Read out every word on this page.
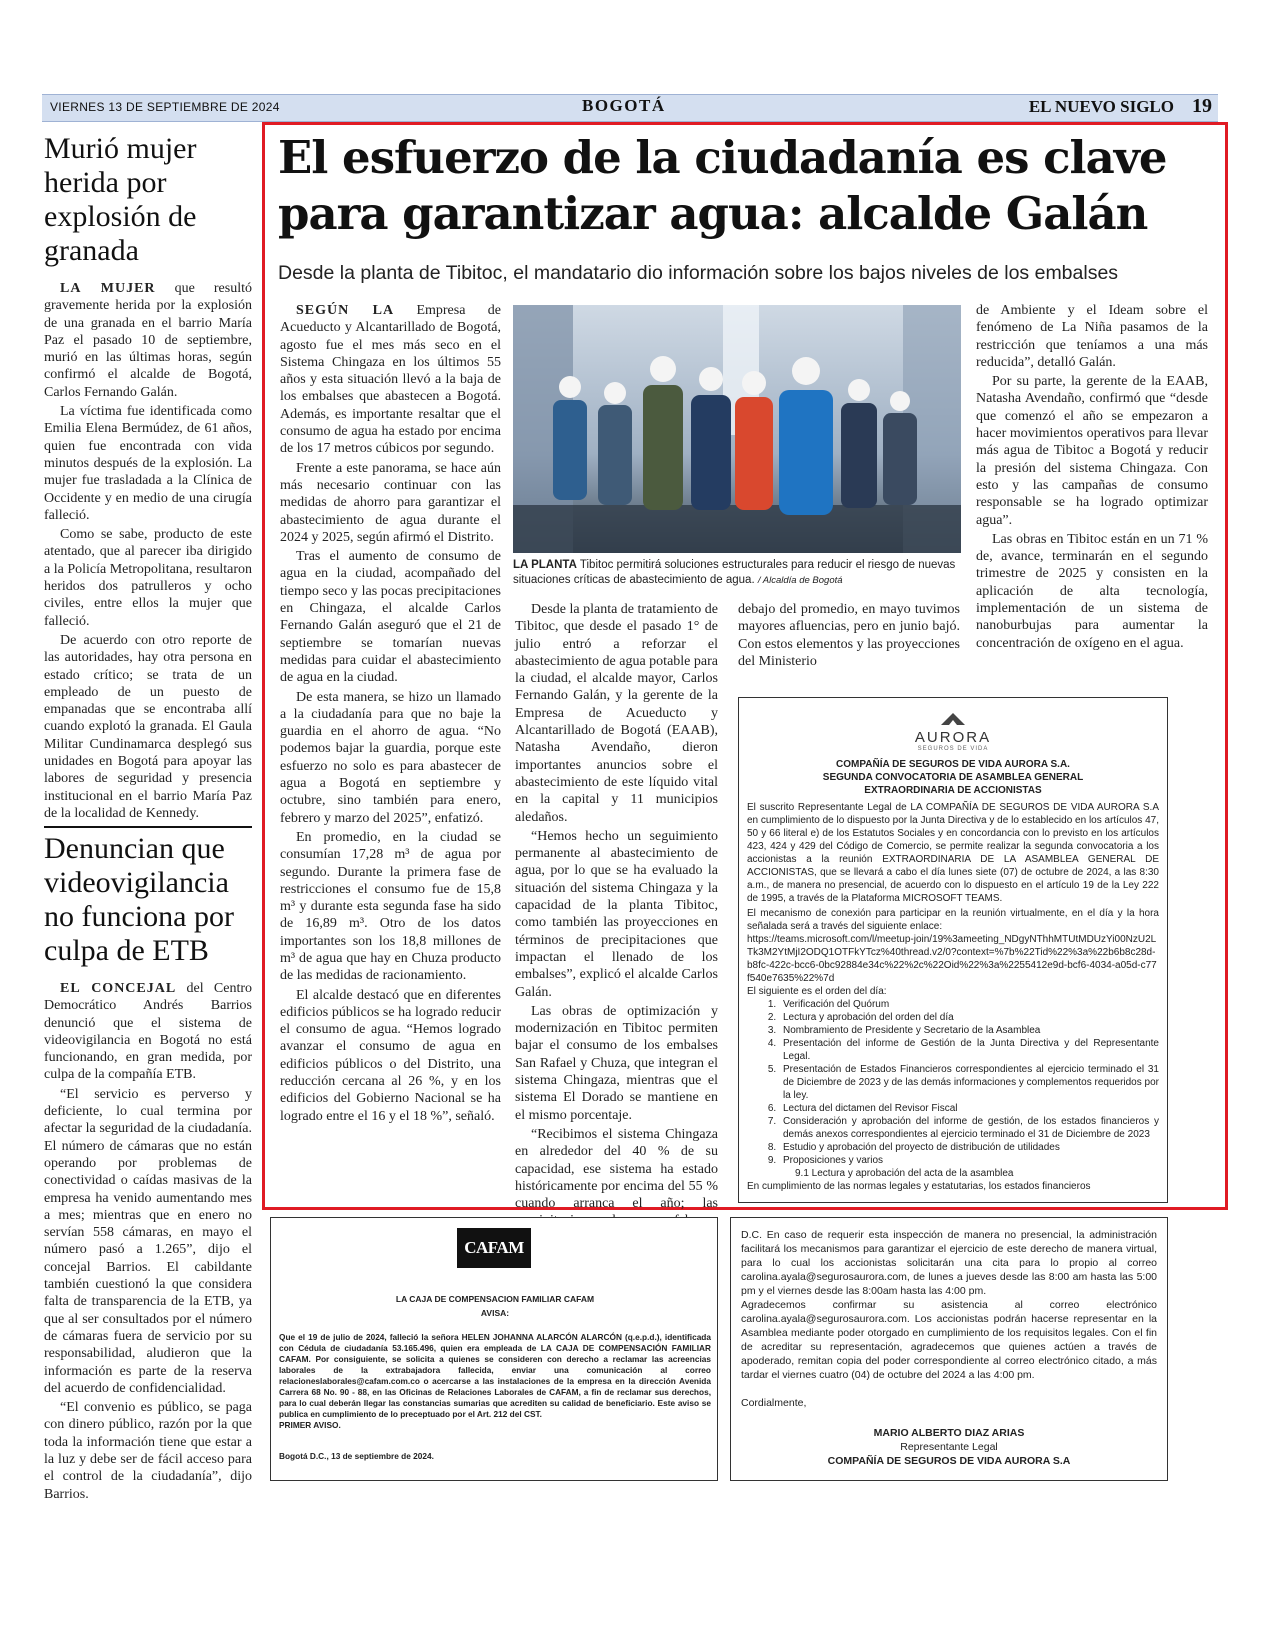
VIERNES 13 DE SEPTIEMBRE DE 2024	BOGOTÁ	EL NUEVO SIGLO 19
Murió mujer herida por explosión de granada

LA MUJER que resultó gravemente herida por la explosión de una granada en el barrio María Paz el pasado 10 de septiembre, murió en las últimas horas, según confirmó el alcalde de Bogotá, Carlos Fernando Galán.

La víctima fue identificada como Emilia Elena Bermúdez, de 61 años, quien fue encontrada con vida minutos después de la explosión. La mujer fue trasladada a la Clínica de Occidente y en medio de una cirugía falleció.

Como se sabe, producto de este atentado, que al parecer iba dirigido a la Policía Metropolitana, resultaron heridos dos patrulleros y ocho civiles, entre ellos la mujer que falleció.

De acuerdo con otro reporte de las autoridades, hay otra persona en estado crítico; se trata de un empleado de un puesto de empanadas que se encontraba allí cuando explotó la granada. El Gaula Militar Cundinamarca desplegó sus unidades en Bogotá para apoyar las labores de seguridad y presencia institucional en el barrio María Paz de la localidad de Kennedy.

Denuncian que videovigilancia no funciona por culpa de ETB

EL CONCEJAL del Centro Democrático Andrés Barrios denunció que el sistema de videovigilancia en Bogotá no está funcionando, en gran medida, por culpa de la compañía ETB.

“El servicio es perverso y deficiente, lo cual termina por afectar la seguridad de la ciudadanía. El número de cámaras que no están operando por problemas de conectividad o caídas masivas de la empresa ha venido aumentando mes a mes; mientras que en enero no servían 558 cámaras, en mayo el número pasó a 1.265”, dijo el concejal Barrios. El cabildante también cuestionó la que considera falta de transparencia de la ETB, ya que al ser consultados por el número de cámaras fuera de servicio por su responsabilidad, aludieron que la información es parte de la reserva del acuerdo de confidencialidad.

“El convenio es público, se paga con dinero público, razón por la que toda la información tiene que estar a la luz y debe ser de fácil acceso para el control de la ciudadanía”, dijo Barrios.

El esfuerzo de la ciudadanía es clave para garantizar agua: alcalde Galán
Desde la planta de Tibitoc, el mandatario dio información sobre los bajos niveles de los embalses

SEGÚN LA Empresa de Acueducto y Alcantarillado de Bogotá, agosto fue el mes más seco en el Sistema Chingaza en los últimos 55 años y esta situación llevó a la baja de los embalses que abastecen a Bogotá. Además, es importante resaltar que el consumo de agua ha estado por encima de los 17 metros cúbicos por segundo.

Frente a este panorama, se hace aún más necesario continuar con las medidas de ahorro para garantizar el abastecimiento de agua durante el 2024 y 2025, según afirmó el Distrito.

Tras el aumento de consumo de agua en la ciudad, acompañado del tiempo seco y las pocas precipitaciones en Chingaza, el alcalde Carlos Fernando Galán aseguró que el 21 de septiembre se tomarían nuevas medidas para cuidar el abastecimiento de agua en la ciudad.

De esta manera, se hizo un llamado a la ciudadanía para que no baje la guardia en el ahorro de agua. “No podemos bajar la guardia, porque este esfuerzo no solo es para abastecer de agua a Bogotá en septiembre y octubre, sino también para enero, febrero y marzo del 2025”, enfatizó.

En promedio, en la ciudad se consumían 17,28 m³ de agua por segundo. Durante la primera fase de restricciones el consumo fue de 15,8 m³ y durante esta segunda fase ha sido de 16,89 m³. Otro de los datos importantes son los 18,8 millones de m³ de agua que hay en Chuza producto de las medidas de racionamiento.

El alcalde destacó que en diferentes edificios públicos se ha logrado reducir el consumo de agua. “Hemos logrado avanzar el consumo de agua en edificios públicos o del Distrito, una reducción cercana al 26 %, y en los edificios del Gobierno Nacional se ha logrado entre el 16 y el 18 %”, señaló.

LA PLANTA Tibitoc permitirá soluciones estructurales para reducir el riesgo de nuevas situaciones críticas de abastecimiento de agua. / Alcaldía de Bogotá

Desde la planta de tratamiento de Tibitoc, que desde el pasado 1° de julio entró a reforzar el abastecimiento de agua potable para la ciudad, el alcalde mayor, Carlos Fernando Galán, y la gerente de la Empresa de Acueducto y Alcantarillado de Bogotá (EAAB), Natasha Avendaño, dieron importantes anuncios sobre el abastecimiento de este líquido vital en la capital y 11 municipios aledaños.

“Hemos hecho un seguimiento permanente al abastecimiento de agua, por lo que se ha evaluado la situación del sistema Chingaza y la capacidad de la planta Tibitoc, como también las proyecciones en términos de precipitaciones que impactan el llenado de los embalses”, explicó el alcalde Carlos Galán.

Las obras de optimización y modernización en Tibitoc permiten bajar el consumo de los embalses San Rafael y Chuza, que integran el sistema Chingaza, mientras que el sistema El Dorado se mantiene en el mismo porcentaje.

“Recibimos el sistema Chingaza en alrededor del 40 % de su capacidad, ese sistema ha estado históricamente por encima del 55 % cuando arranca el año; las

debajo del promedio, en mayo tuvimos mayores afluencias, pero en junio bajó. Con estos elementos y las proyecciones del Ministerio

de Ambiente y el Ideam sobre el fenómeno de La Niña pasamos de la restricción que teníamos a una más reducida”, detalló Galán.

Por su parte, la gerente de la EAAB, Natasha Avendaño, confirmó que “desde que comenzó el año se empezaron a hacer movimientos operativos para llevar más agua de Tibitoc a Bogotá y reducir la presión del sistema Chingaza. Con esto y las campañas de consumo responsable se ha logrado optimizar agua”.

Las obras en Tibitoc están en un 71 % de, avance, terminarán en el segundo trimestre de 2025 y consisten en la aplicación de alta tecnología, implementación de un sistema de nanoburbujas para aumentar la concentración de oxígeno en el agua.

AURORA
SEGUROS DE VIDA
COMPAÑÍA DE SEGUROS DE VIDA AURORA S.A.
SEGUNDA CONVOCATORIA DE ASAMBLEA GENERAL EXTRAORDINARIA DE ACCIONISTAS
El suscrito Representante Legal de LA COMPAÑÍA DE SEGUROS DE VIDA AURORA S.A en cumplimiento de lo dispuesto por la Junta Directiva y de lo establecido en los artículos 47, 50 y 66 literal e) de los Estatutos Sociales y en concordancia con lo previsto en los artículos 423, 424 y 429 del Código de Comercio, se permite realizar la segunda convocatoria a los accionistas a la reunión EXTRAORDINARIA DE LA ASAMBLEA GENERAL DE ACCIONISTAS, que se llevará a cabo el día lunes siete (07) de octubre de 2024, a las 8:30 a.m., de manera no presencial, de acuerdo con lo dispuesto en el artículo 19 de la Ley 222 de 1995, a través de la Plataforma MICROSOFT TEAMS.
El mecanismo de conexión para participar en la reunión virtualmente, en el día y la hora señalada será a través del siguiente enlace:
https://teams.microsoft.com/l/meetup-join/19%3ameeting_NDgyNThhMTUtMDUzYi00NzU2LTk3M2YtMjI2ODQ1OTFkYTcz%40thread.v2/0?context=%7b%22Tid%22%3a%22b6b8c28d-b8fc-422c-bcc6-0bc92884e34c%22%2c%22Oid%22%3a%2255412e9d-bcf6-4034-a05d-c77f540e7635%22%7d
El siguiente es el orden del día:
1. Verificación del Quórum
2. Lectura y aprobación del orden del día
3. Nombramiento de Presidente y Secretario de la Asamblea
4. Presentación del informe de Gestión de la Junta Directiva y del Representante Legal.
5. Presentación de Estados Financieros correspondientes al ejercicio terminado el 31 de Diciembre de 2023 y de las demás informaciones y complementos requeridos por la ley.
6. Lectura del dictamen del Revisor Fiscal
7. Consideración y aprobación del informe de gestión, de los estados financieros y demás anexos correspondientes al ejercicio terminado el 31 de Diciembre de 2023
8. Estudio y aprobación del proyecto de distribución de utilidades
9. Proposiciones y varios
9.1 Lectura y aprobación del acta de la asamblea
En cumplimiento de las normas legales y estatutarias, los estados financieros
CAFAM
LA CAJA DE COMPENSACION FAMILIAR CAFAM
AVISA:
Que el 19 de julio de 2024, falleció la señora HELEN JOHANNA ALARCÓN ALARCÓN (q.e.p.d.), identificada con Cédula de ciudadanía 53.165.496, quien era empleada de LA CAJA DE COMPENSACIÓN FAMILIAR CAFAM. Por consiguiente, se solicita a quienes se consideren con derecho a reclamar las acreencias laborales de la extrabajadora fallecida, enviar una comunicación al correo relacioneslaborales@cafam.com.co o acercarse a las instalaciones de la empresa en la dirección Avenida Carrera 68 No. 90 - 88, en las Oficinas de Relaciones Laborales de CAFAM, a fin de reclamar sus derechos, para lo cual deberán llegar las constancias sumarias que acrediten su calidad de beneficiario. Este aviso se publica en cumplimiento de lo preceptuado por el Art. 212 del CST.
PRIMER AVISO.
Bogotá D.C., 13 de septiembre de 2024.
D.C. En caso de requerir esta inspección de manera no presencial, la administración facilitará los mecanismos para garantizar el ejercicio de este derecho de manera virtual, para lo cual los accionistas solicitarán una cita para lo propio al correo carolina.ayala@segurosaurora.com, de lunes a jueves desde las 8:00 am hasta las 5:00 pm y el viernes desde las 8:00am hasta las 4:00 pm.
Agradecemos confirmar su asistencia al correo electrónico carolina.ayala@segurosaurora.com. Los accionistas podrán hacerse representar en la Asamblea mediante poder otorgado en cumplimiento de los requisitos legales. Con el fin de acreditar su representación, agradecemos que quienes actúen a través de apoderado, remitan copia del poder correspondiente al correo electrónico citado, a más tardar el viernes cuatro (04) de octubre del 2024 a las 4:00 pm.
Cordialmente,
MARIO ALBERTO DIAZ ARIAS
Representante Legal
COMPAÑÍA DE SEGUROS DE VIDA AURORA S.A
